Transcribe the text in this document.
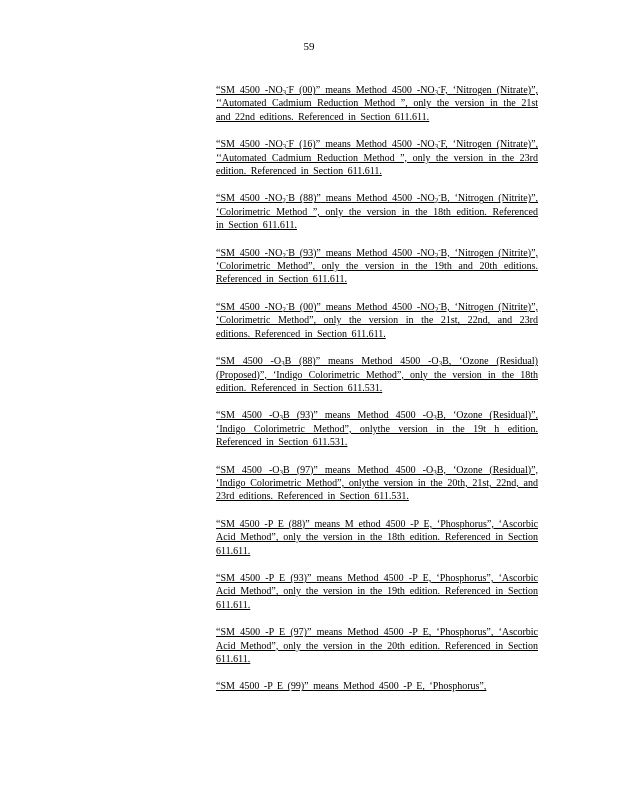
59

“SM 4500 $-NO_3^-F$ (00)” means Method 4500 $-NO_3^-F$, ‘Nitrogen (Nitrate)”, ‘‘Automated Cadmium Reduction Method ”, only the version in the 21st and 22nd editions. Referenced in Section 611.611.

“SM 4500 $-NO_3^-F$ (16)” means Method 4500 $-NO_3^-F$, ‘Nitrogen (Nitrate)”, ‘‘Automated Cadmium Reduction Method ”, only the version in the 23rd edition. Referenced in Section 611.611.

“SM 4500 $-NO_2^-B$ (88)” means Method 4500 $-NO_2^-B$, ‘Nitrogen (Nitrite)”, ‘Colorimetric Method ”, only the version in the 18th edition. Referenced in Section 611.611.

“SM 4500 $-NO_2^-B$ (93)” means Method 4500 $-NO_2^-B$, ‘Nitrogen (Nitrite)”, ‘Colorimetric Method”, only the version in the 19th and 20th editions. Referenced in Section 611.611.

“SM 4500 $-NO_2^-B$ (00)” means Method 4500 $-NO_2^-B$, ‘Nitrogen (Nitrite)”, ‘Colorimetric Method”, only the version in the 21st, 22nd, and 23rd editions. Referenced in Section 611.611.

“SM 4500 $-O_3B$ (88)” means Method 4500 $-O_3B$, ‘Ozone (Residual) (Proposed)”, ‘Indigo Colorimetric Method”, only the version in the 18th edition. Referenced in Section 611.531.

“SM 4500 $-O_3B$ (93)” means Method 4500 $-O_3B$, ‘Ozone (Residual)”, ‘Indigo Colorimetric Method”, onlythe version in the 19t h edition. Referenced in Section 611.531.

“SM 4500 $-O_3B$ (97)” means Method 4500 $-O_3B$, ‘Ozone (Residual)”, ‘Indigo Colorimetric Method”, onlythe version in the 20th, 21st, 22nd, and 23rd editions. Referenced in Section 611.531.

“SM 4500 -P E (88)” means M ethod 4500 -P E, ‘Phosphorus”, ‘Ascorbic Acid Method”, only the version in the 18th edition. Referenced in Section 611.611.

“SM 4500 -P E (93)” means Method 4500 -P E, ‘Phosphorus”, ‘Ascorbic Acid Method”, only the version in the 19th edition. Referenced in Section 611.611.

“SM 4500 -P E (97)” means Method 4500 -P E, ‘Phosphorus”, ‘Ascorbic Acid Method”, only the version in the 20th edition. Referenced in Section 611.611.

“SM 4500 -P E (99)” means Method 4500 -P E, ‘Phosphorus”,
